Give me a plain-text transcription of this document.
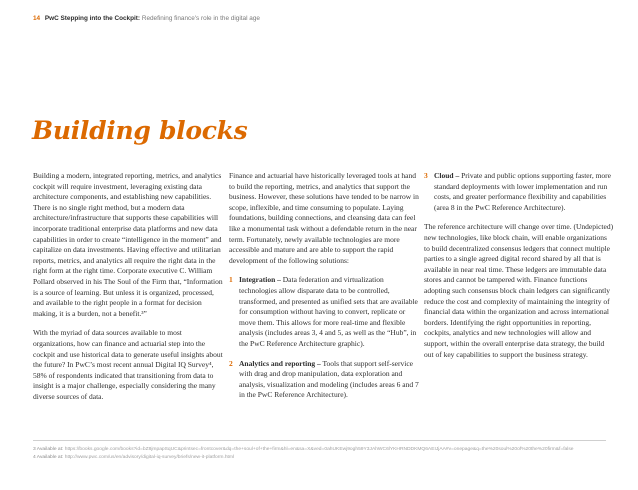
14 PwC Stepping into the Cockpit: Redefining finance's role in the digital age
Building blocks

Building a modern, integrated reporting, metrics, and analytics cockpit will require investment, leveraging existing data architecture components, and establishing new capabilities. There is no single right method, but a modern data architecture/infrastructure that supports these capabilities will incorporate traditional enterprise data platforms and new data capabilities in order to create “intelligence in the moment” and capitalize on data investments. Having effective and utilitarian reports, metrics, and analytics all require the right data in the right form at the right time. Corporate executive C. William Pollard observed in his The Soul of the Firm that, “Information is a source of learning. But unless it is organized, processed, and available to the right people in a format for decision making, it is a burden, not a benefit.³”

With the myriad of data sources available to most organizations, how can finance and actuarial step into the cockpit and use historical data to generate useful insights about the future? In PwC’s most recent annual Digital IQ Survey⁴, 58% of respondents indicated that transitioning from data to insight is a major challenge, especially considering the many diverse sources of data.

Finance and actuarial have historically leveraged tools at hand to build the reporting, metrics, and analytics that support the business. However, these solutions have tended to be narrow in scope, inflexible, and time consuming to populate. Laying foundations, building connections, and cleansing data can feel like a monumental task without a defendable return in the near term. Fortunately, newly available technologies are more accessible and mature and are able to support the rapid development of the following solutions:

1 Integration – Data federation and virtualization technologies allow disparate data to be controlled, transformed, and presented as unified sets that are available for consumption without having to convert, replicate or move them. This allows for more real-time and flexible analysis (includes areas 3, 4 and 5, as well as the “Hub”, in the PwC Reference Architecture graphic).
2 Analytics and reporting – Tools that support self-service with drag and drop manipulation, data exploration and analysis, visualization and modeling (includes areas 6 and 7 in the PwC Reference Architecture).
3 Cloud – Private and public options supporting faster, more standard deployments with lower implementation and run costs, and greater performance flexibility and capabilities (area 8 in the PwC Reference Architecture).

The reference architecture will change over time. (Undepicted) new technologies, like block chain, will enable organizations to build decentralized consensus ledgers that connect multiple parties to a single agreed digital record shared by all that is available in near real time. These ledgers are immutable data stores and cannot be tampered with. Finance functions adopting such consensus block chain ledgers can significantly reduce the cost and complexity of maintaining the integrity of financial data within the organization and across international borders. Identifying the right opportunities in reporting, cockpits, analytics and new technologies will allow and support, within the overall enterprise data strategy, the build out of key capabilities to support the business strategy.

3 Available at: https://books.google.com/books?id=bZ8jmpapSqUC&printsec=frontcover&dq=the+soul+of+the+firm&hl=en&sa=X&ved=0ahUKEwj9ogh59Y3JAhWC6lYKHRNDDKMQ6AEIJjAA#v=onepage&q=the%20soul%20of%20the%20firm&f=false
4 Available at: http://www.pwc.com/us/en/advisory/digital-iq-survey/briefs/new-it-platform.html
